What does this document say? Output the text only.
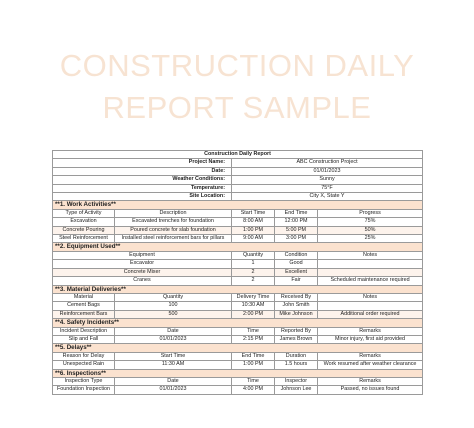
CONSTRUCTION DAILY
REPORT SAMPLE
Construction Daily Report				
Project Name:		ABC Construction Project		
Date:		01/01/2023		
Weather Conditions:		Sunny		
Temperature:		75°F		
Site Location:		City X, State Y		
**1. Work Activities**				
Type of Activity	Description	Start Time	End Time	Progress
Excavation	Excavated trenches for foundation	8:00 AM	12:00 PM	75%
Concrete Pouring	Poured concrete for slab foundation	1:00 PM	5:00 PM	50%
Steel Reinforcement	Installed steel reinforcement bars for pillars	9:00 AM	3:00 PM	25%
**2. Equipment Used**				
Equipment		Quantity	Condition	Notes
Excavator		1	Good	
Concrete Mixer		2	Excellent	
Cranes		2	Fair	Scheduled maintenance required
**3. Material Deliveries**				
Material	Quantity	Delivery Time	Received By	Notes
Cement Bags	100	10:30 AM	John Smith	
Reinforcement Bars	500	2:00 PM	Mike Johnson	Additional order required
**4. Safety Incidents**				
Incident Description	Date	Time	Reported By	Remarks
Slip and Fall	01/01/2023	2:15 PM	James Brown	Minor injury, first aid provided
**5. Delays**				
Reason for Delay	Start Time	End Time	Duration	Remarks
Unexpected Rain	11:30 AM	1:00 PM	1.5 hours	Work resumed after weather clearance
**6. Inspections**				
Inspection Type	Date	Time	Inspector	Remarks
Foundation Inspection	01/01/2023	4:00 PM	Johnson Lee	Passed, no issues found
